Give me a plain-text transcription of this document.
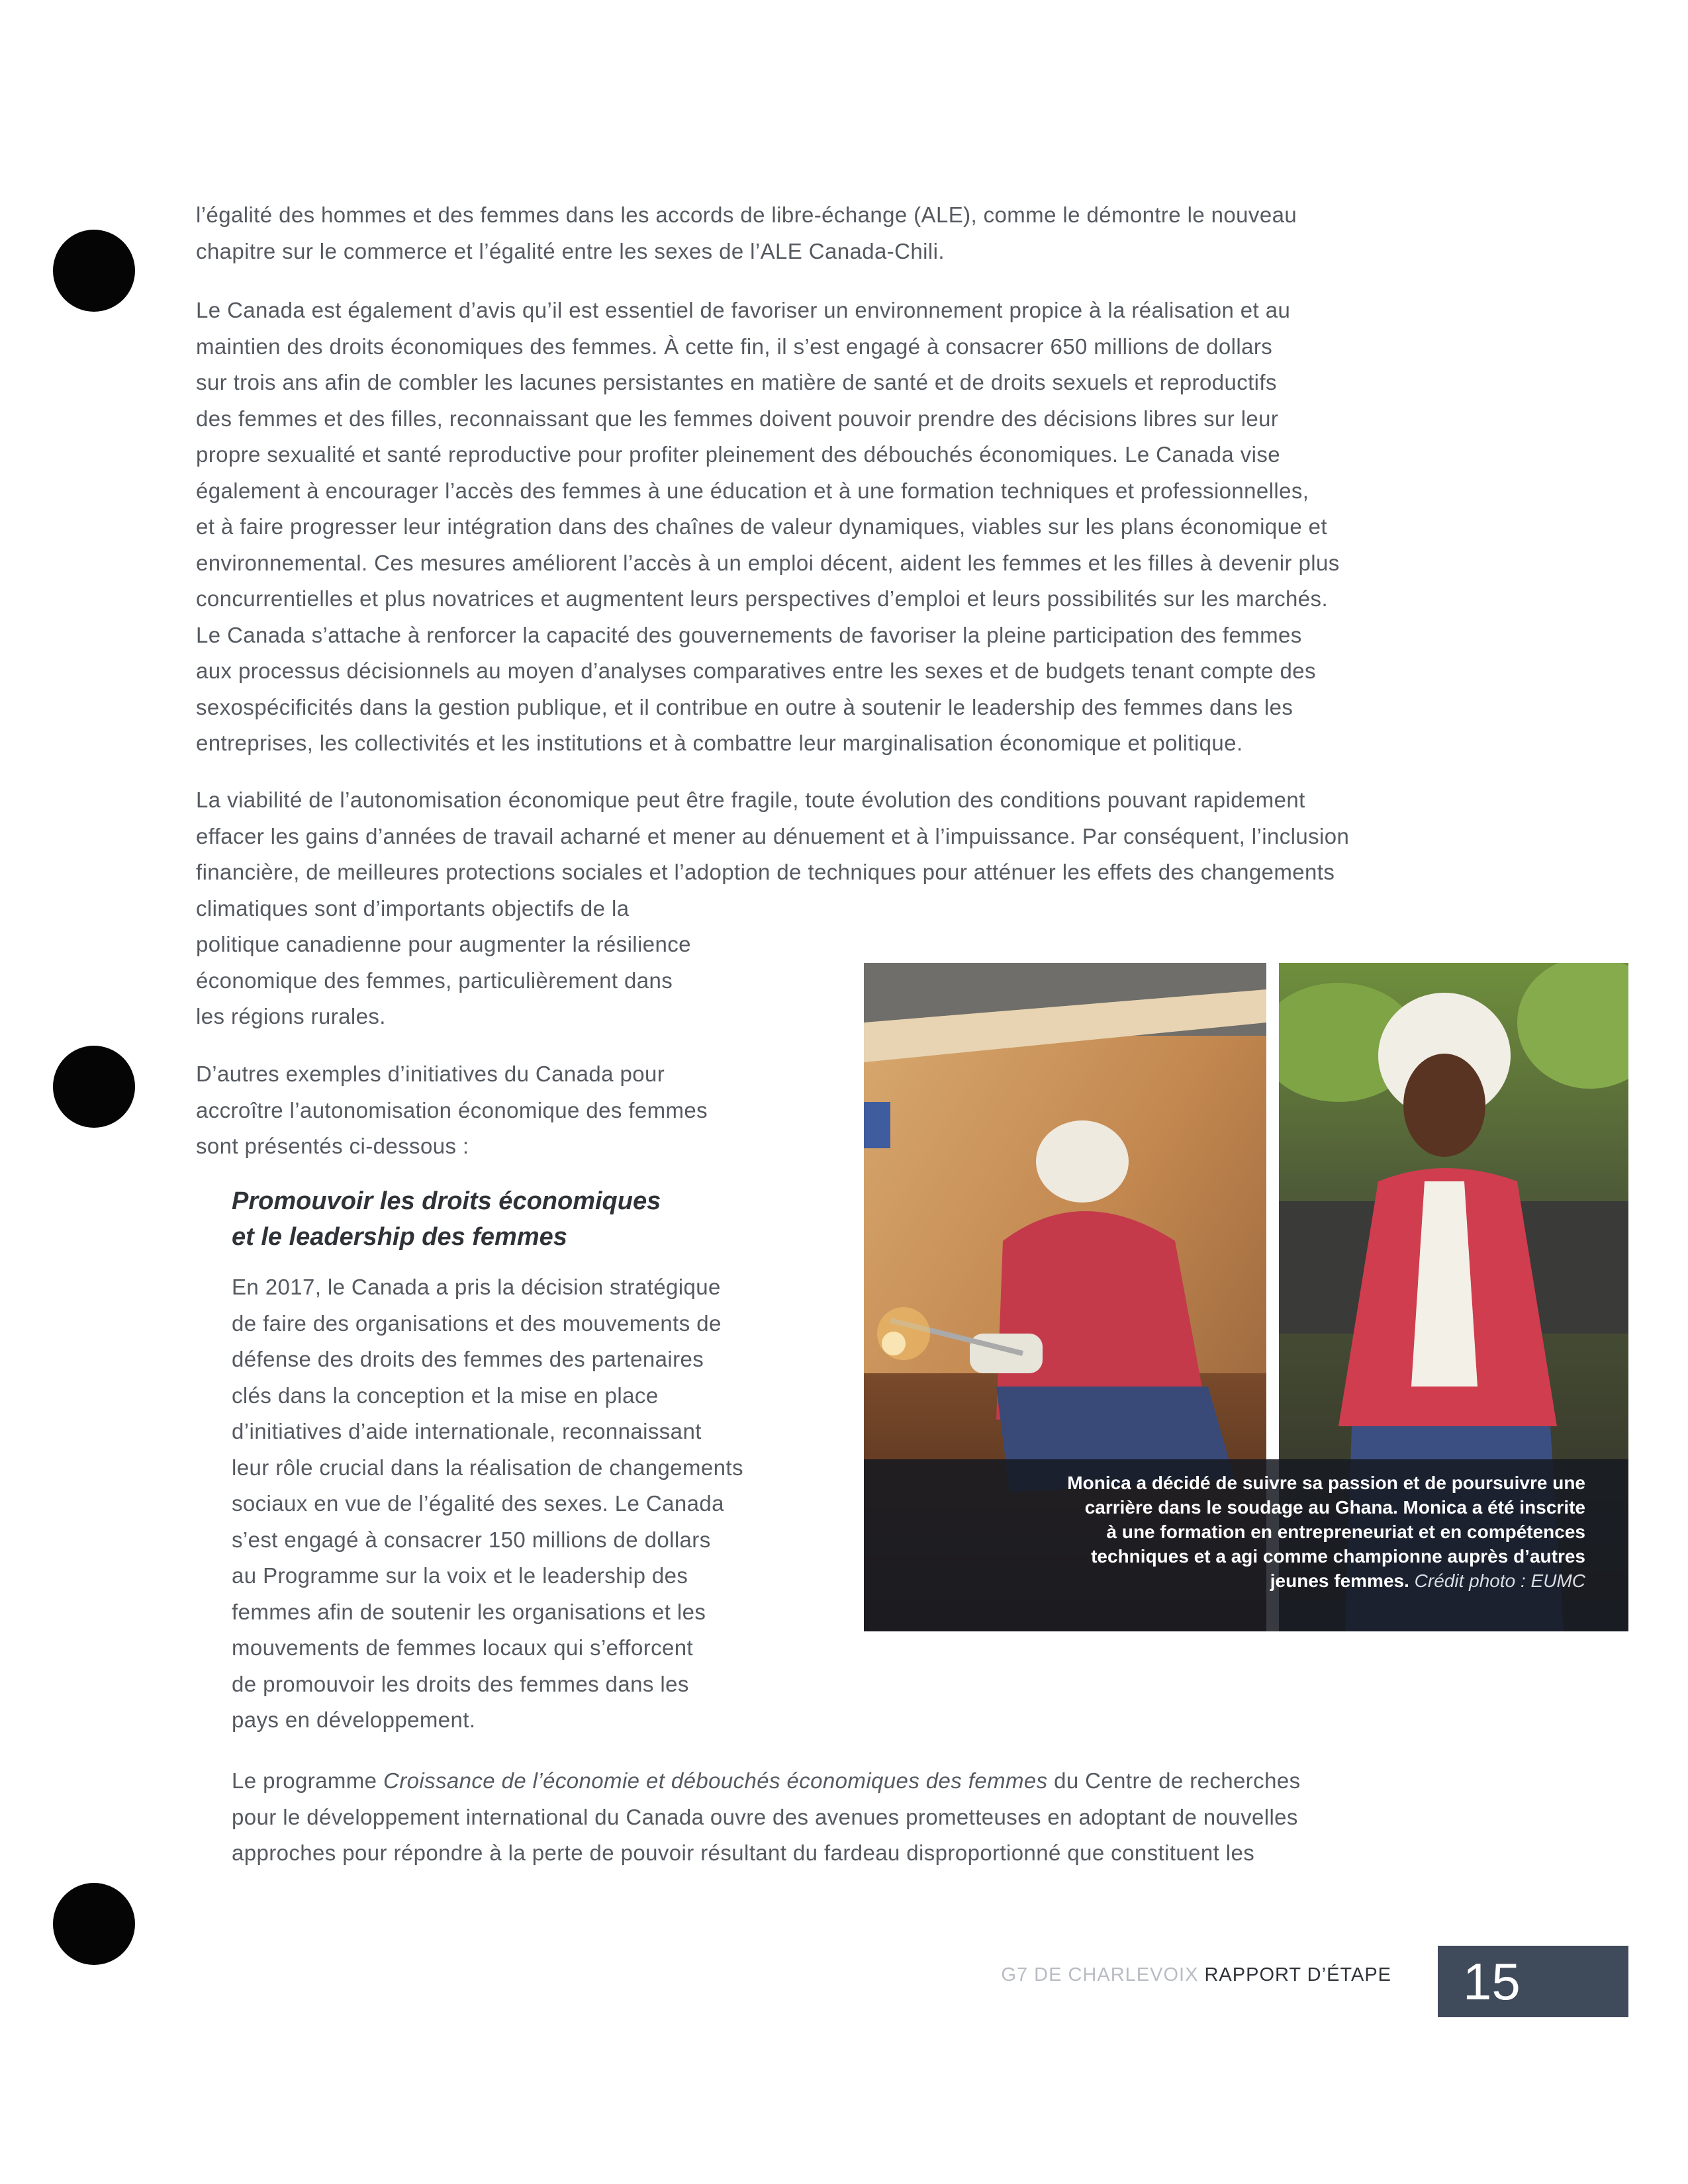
l’égalité des hommes et des femmes dans les accords de libre-échange (ALE), comme le démontre le nouveau
chapitre sur le commerce et l’égalité entre les sexes de l’ALE Canada-Chili.
Le Canada est également d’avis qu’il est essentiel de favoriser un environnement propice à la réalisation et au
maintien des droits économiques des femmes. À cette fin, il s’est engagé à consacrer 650 millions de dollars
sur trois ans afin de combler les lacunes persistantes en matière de santé et de droits sexuels et reproductifs
des femmes et des filles, reconnaissant que les femmes doivent pouvoir prendre des décisions libres sur leur
propre sexualité et santé reproductive pour profiter pleinement des débouchés économiques. Le Canada vise
également à encourager l’accès des femmes à une éducation et à une formation techniques et professionnelles,
et à faire progresser leur intégration dans des chaînes de valeur dynamiques, viables sur les plans économique et
environnemental. Ces mesures améliorent l’accès à un emploi décent, aident les femmes et les filles à devenir plus
concurrentielles et plus novatrices et augmentent leurs perspectives d’emploi et leurs possibilités sur les marchés.
Le Canada s’attache à renforcer la capacité des gouvernements de favoriser la pleine participation des femmes
aux processus décisionnels au moyen d’analyses comparatives entre les sexes et de budgets tenant compte des
sexospécificités dans la gestion publique, et il contribue en outre à soutenir le leadership des femmes dans les
entreprises, les collectivités et les institutions et à combattre leur marginalisation économique et politique.
La viabilité de l’autonomisation économique peut être fragile, toute évolution des conditions pouvant rapidement
effacer les gains d’années de travail acharné et mener au dénuement et à l’impuissance. Par conséquent, l’inclusion
financière, de meilleures protections sociales et l’adoption de techniques pour atténuer les effets des changements
climatiques sont d’importants objectifs de la
politique canadienne pour augmenter la résilience
économique des femmes, particulièrement dans
les régions rurales.
D’autres exemples d’initiatives du Canada pour
accroître l’autonomisation économique des femmes
sont présentés ci-dessous :
Promouvoir les droits économiques
et le leadership des femmes
En 2017, le Canada a pris la décision stratégique
de faire des organisations et des mouvements de
défense des droits des femmes des partenaires
clés dans la conception et la mise en place
d’initiatives d’aide internationale, reconnaissant
leur rôle crucial dans la réalisation de changements
sociaux en vue de l’égalité des sexes. Le Canada
s’est engagé à consacrer 150 millions de dollars
au Programme sur la voix et le leadership des
femmes afin de soutenir les organisations et les
mouvements de femmes locaux qui s’efforcent
de promouvoir les droits des femmes dans les
pays en développement.
Le programme Croissance de l’économie et débouchés économiques des femmes du Centre de recherches
pour le développement international du Canada ouvre des avenues prometteuses en adoptant de nouvelles
approches pour répondre à la perte de pouvoir résultant du fardeau disproportionné que constituent les
Monica a décidé de suivre sa passion et de poursuivre une
carrière dans le soudage au Ghana. Monica a été inscrite
à une formation en entrepreneuriat et en compétences
techniques et a agi comme championne auprès d’autres
jeunes femmes. Crédit photo : EUMC
G7 DE CHARLEVOIX RAPPORT D’ÉTAPE 15
